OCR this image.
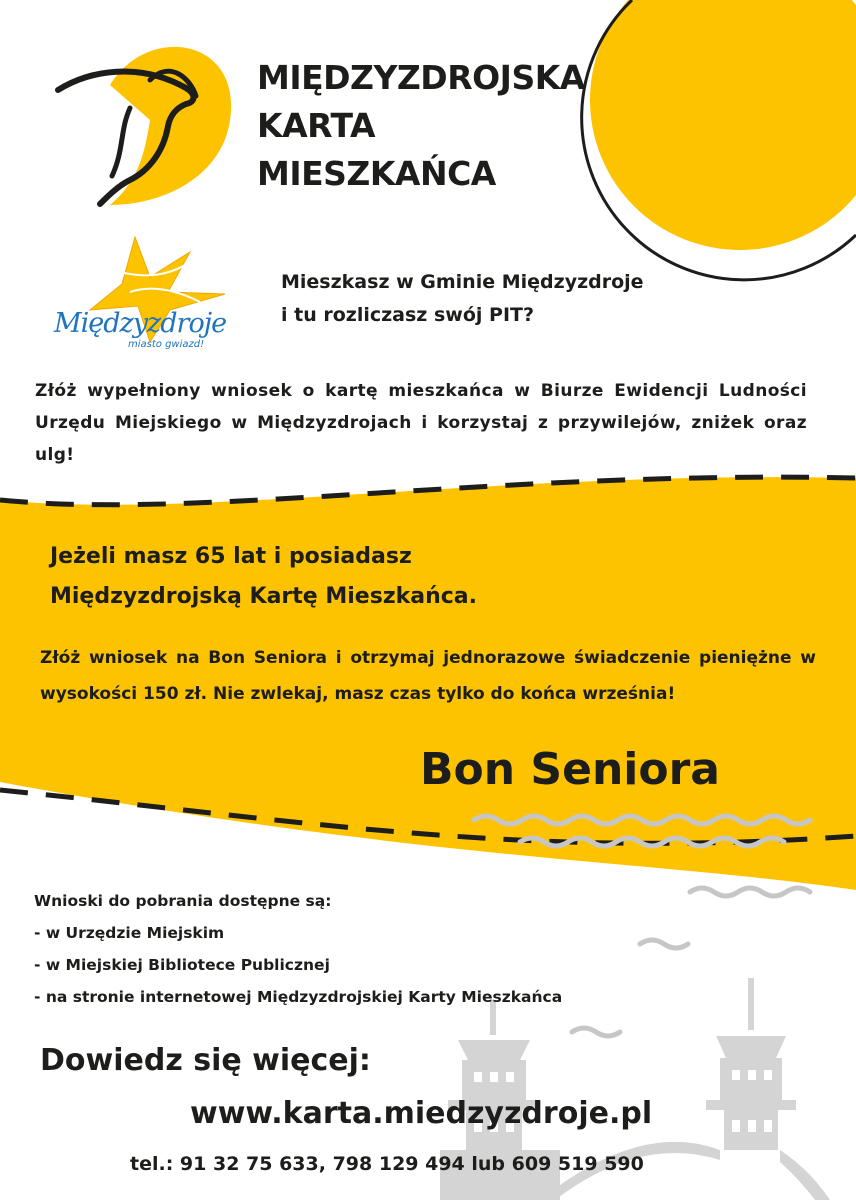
MIĘDZYZDROJSKA
KARTA
MIESZKAŃCA
Międzyzdroje
miasto gwiazd!
Mieszkasz w Gminie Międzyzdroje
i tu rozliczasz swój PIT?
Złóż wypełniony wniosek o kartę mieszkańca w Biurze Ewidencji Ludności Urzędu Miejskiego w Międzyzdrojach i korzystaj z przywilejów, zniżek oraz ulg!
Jeżeli masz 65 lat i posiadasz
Międzyzdrojską Kartę Mieszkańca.
Złóż wniosek na Bon Seniora i otrzymaj jednorazowe świadczenie pieniężne w wysokości 150 zł. Nie zwlekaj, masz czas tylko do końca września!
Bon Seniora
Wnioski do pobrania dostępne są:
- w Urzędzie Miejskim
- w Miejskiej Bibliotece Publicznej
- na stronie internetowej Międzyzdrojskiej Karty Mieszkańca
Dowiedz się więcej:
www.karta.miedzyzdroje.pl
tel.: 91 32 75 633, 798 129 494 lub 609 519 590
